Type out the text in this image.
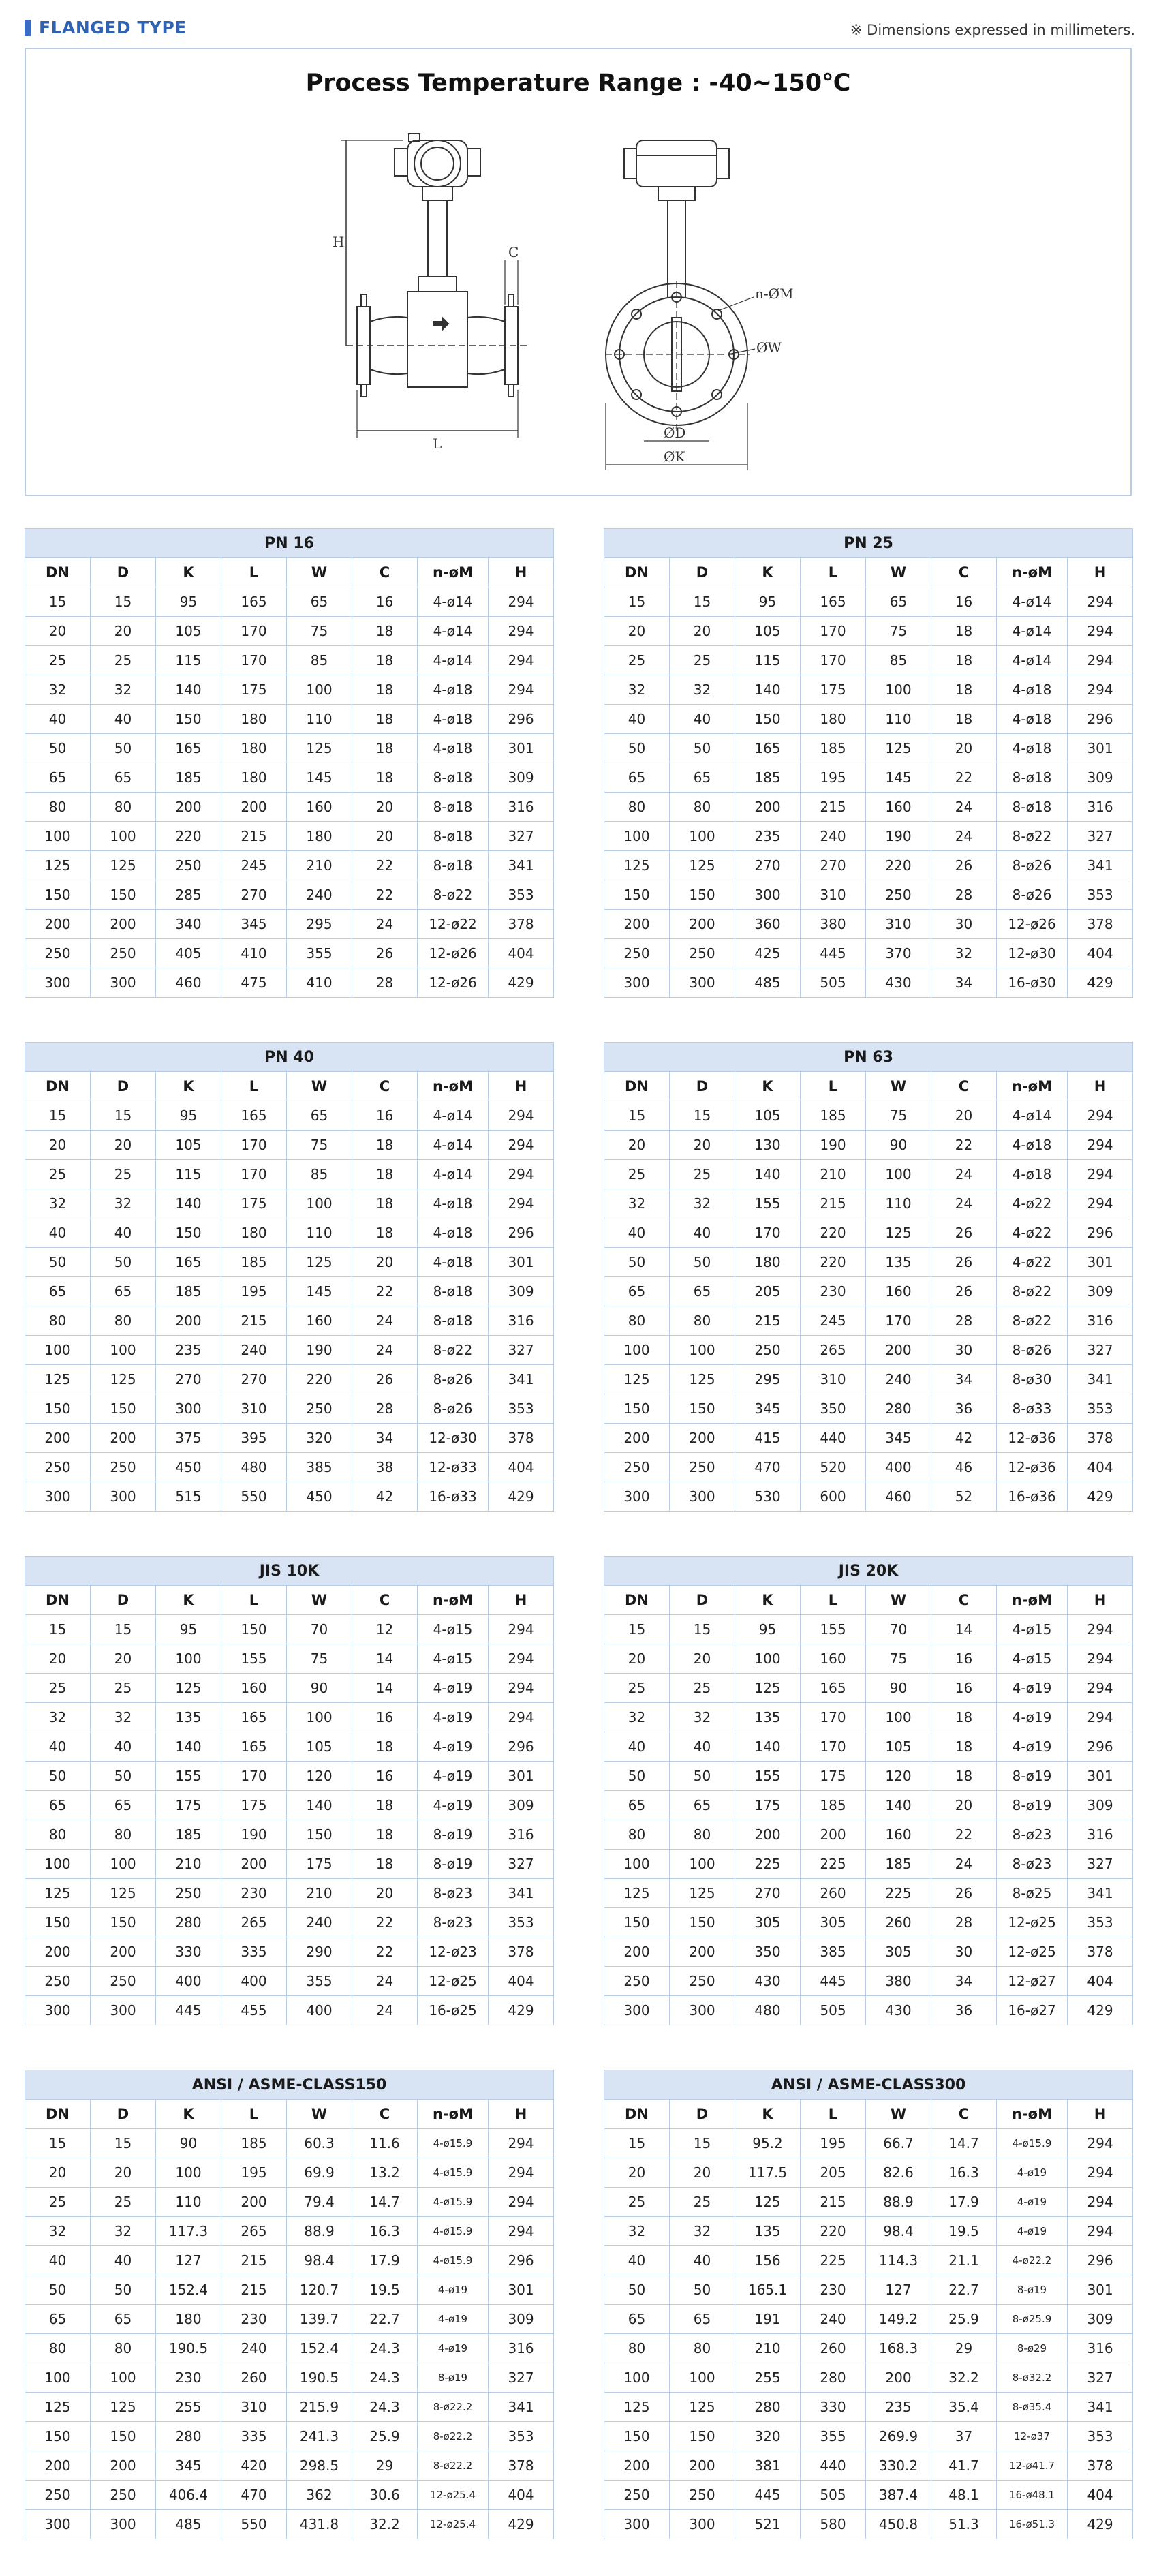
FLANGED TYPE	※ Dimensions expressed in millimeters.
Process Temperature Range : -40~150℃
H
C
L
n-ØM
ØW
ØD
ØK
PN 16							
DN	D	K	L	W	C	n-øM	H
15	15	95	165	65	16	4-ø14	294
20	20	105	170	75	18	4-ø14	294
25	25	115	170	85	18	4-ø14	294
32	32	140	175	100	18	4-ø18	294
40	40	150	180	110	18	4-ø18	296
50	50	165	180	125	18	4-ø18	301
65	65	185	180	145	18	8-ø18	309
80	80	200	200	160	20	8-ø18	316
100	100	220	215	180	20	8-ø18	327
125	125	250	245	210	22	8-ø18	341
150	150	285	270	240	22	8-ø22	353
200	200	340	345	295	24	12-ø22	378
250	250	405	410	355	26	12-ø26	404
300	300	460	475	410	28	12-ø26	429
PN 25							
DN	D	K	L	W	C	n-øM	H
15	15	95	165	65	16	4-ø14	294
20	20	105	170	75	18	4-ø14	294
25	25	115	170	85	18	4-ø14	294
32	32	140	175	100	18	4-ø18	294
40	40	150	180	110	18	4-ø18	296
50	50	165	185	125	20	4-ø18	301
65	65	185	195	145	22	8-ø18	309
80	80	200	215	160	24	8-ø18	316
100	100	235	240	190	24	8-ø22	327
125	125	270	270	220	26	8-ø26	341
150	150	300	310	250	28	8-ø26	353
200	200	360	380	310	30	12-ø26	378
250	250	425	445	370	32	12-ø30	404
300	300	485	505	430	34	16-ø30	429
PN 40							
DN	D	K	L	W	C	n-øM	H
15	15	95	165	65	16	4-ø14	294
20	20	105	170	75	18	4-ø14	294
25	25	115	170	85	18	4-ø14	294
32	32	140	175	100	18	4-ø18	294
40	40	150	180	110	18	4-ø18	296
50	50	165	185	125	20	4-ø18	301
65	65	185	195	145	22	8-ø18	309
80	80	200	215	160	24	8-ø18	316
100	100	235	240	190	24	8-ø22	327
125	125	270	270	220	26	8-ø26	341
150	150	300	310	250	28	8-ø26	353
200	200	375	395	320	34	12-ø30	378
250	250	450	480	385	38	12-ø33	404
300	300	515	550	450	42	16-ø33	429
PN 63							
DN	D	K	L	W	C	n-øM	H
15	15	105	185	75	20	4-ø14	294
20	20	130	190	90	22	4-ø18	294
25	25	140	210	100	24	4-ø18	294
32	32	155	215	110	24	4-ø22	294
40	40	170	220	125	26	4-ø22	296
50	50	180	220	135	26	4-ø22	301
65	65	205	230	160	26	8-ø22	309
80	80	215	245	170	28	8-ø22	316
100	100	250	265	200	30	8-ø26	327
125	125	295	310	240	34	8-ø30	341
150	150	345	350	280	36	8-ø33	353
200	200	415	440	345	42	12-ø36	378
250	250	470	520	400	46	12-ø36	404
300	300	530	600	460	52	16-ø36	429
JIS 10K							
DN	D	K	L	W	C	n-øM	H
15	15	95	150	70	12	4-ø15	294
20	20	100	155	75	14	4-ø15	294
25	25	125	160	90	14	4-ø19	294
32	32	135	165	100	16	4-ø19	294
40	40	140	165	105	18	4-ø19	296
50	50	155	170	120	16	4-ø19	301
65	65	175	175	140	18	4-ø19	309
80	80	185	190	150	18	8-ø19	316
100	100	210	200	175	18	8-ø19	327
125	125	250	230	210	20	8-ø23	341
150	150	280	265	240	22	8-ø23	353
200	200	330	335	290	22	12-ø23	378
250	250	400	400	355	24	12-ø25	404
300	300	445	455	400	24	16-ø25	429
JIS 20K							
DN	D	K	L	W	C	n-øM	H
15	15	95	155	70	14	4-ø15	294
20	20	100	160	75	16	4-ø15	294
25	25	125	165	90	16	4-ø19	294
32	32	135	170	100	18	4-ø19	294
40	40	140	170	105	18	4-ø19	296
50	50	155	175	120	18	8-ø19	301
65	65	175	185	140	20	8-ø19	309
80	80	200	200	160	22	8-ø23	316
100	100	225	225	185	24	8-ø23	327
125	125	270	260	225	26	8-ø25	341
150	150	305	305	260	28	12-ø25	353
200	200	350	385	305	30	12-ø25	378
250	250	430	445	380	34	12-ø27	404
300	300	480	505	430	36	16-ø27	429
ANSI / ASME-CLASS150							
DN	D	K	L	W	C	n-øM	H
15	15	90	185	60.3	11.6	4-ø15.9	294
20	20	100	195	69.9	13.2	4-ø15.9	294
25	25	110	200	79.4	14.7	4-ø15.9	294
32	32	117.3	265	88.9	16.3	4-ø15.9	294
40	40	127	215	98.4	17.9	4-ø15.9	296
50	50	152.4	215	120.7	19.5	4-ø19	301
65	65	180	230	139.7	22.7	4-ø19	309
80	80	190.5	240	152.4	24.3	4-ø19	316
100	100	230	260	190.5	24.3	8-ø19	327
125	125	255	310	215.9	24.3	8-ø22.2	341
150	150	280	335	241.3	25.9	8-ø22.2	353
200	200	345	420	298.5	29	8-ø22.2	378
250	250	406.4	470	362	30.6	12-ø25.4	404
300	300	485	550	431.8	32.2	12-ø25.4	429
ANSI / ASME-CLASS300							
DN	D	K	L	W	C	n-øM	H
15	15	95.2	195	66.7	14.7	4-ø15.9	294
20	20	117.5	205	82.6	16.3	4-ø19	294
25	25	125	215	88.9	17.9	4-ø19	294
32	32	135	220	98.4	19.5	4-ø19	294
40	40	156	225	114.3	21.1	4-ø22.2	296
50	50	165.1	230	127	22.7	8-ø19	301
65	65	191	240	149.2	25.9	8-ø25.9	309
80	80	210	260	168.3	29	8-ø29	316
100	100	255	280	200	32.2	8-ø32.2	327
125	125	280	330	235	35.4	8-ø35.4	341
150	150	320	355	269.9	37	12-ø37	353
200	200	381	440	330.2	41.7	12-ø41.7	378
250	250	445	505	387.4	48.1	16-ø48.1	404
300	300	521	580	450.8	51.3	16-ø51.3	429
